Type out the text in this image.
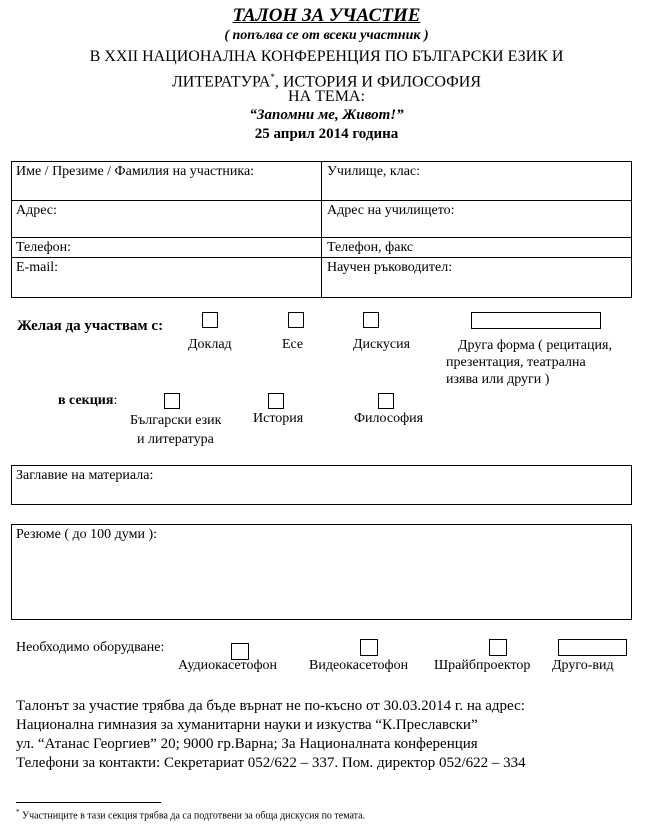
ТАЛОН ЗА УЧАСТИЕ
( попълва се от всеки участник )
В XXII НАЦИОНАЛНА КОНФЕРЕНЦИЯ ПО БЪЛГАРСКИ ЕЗИК И
ЛИТЕРАТУРА*, ИСТОРИЯ И ФИЛОСОФИЯ
НА ТЕМА:
“Запомни ме, Живот!”
25 април 2014 година
Име / Презиме / Фамилия на участника:	Училище, клас:
Адрес:	Адрес на училището:
Телефон:	Телефон, факс
E-mail:	Научен ръководител:
Желая да участвам с:
Доклад	Есе	Дискусия	Друга форма ( рецитация,
презентация, театрална
изява или други )
в секция:
Български език
и литература
История	Философия
Заглавие на материала:
Резюме ( до 100 думи ):
Необходимо оборудване:
Аудиокасетофон Видеокасетофон Шрайбпроектор Друго-вид
Талонът за участие трябва да бъде върнат не по-късно от 30.03.2014 г. на адрес:
Национална гимназия за хуманитарни науки и изкуства “К.Преславски”
ул. “Атанас Георгиев” 20; 9000 гр.Варна; За Националната конференция
Телефони за контакти: Секретариат 052/622 – 337. Пом. директор 052/622 – 334
* Участниците в тази секция трябва да са подготвени за обща дискусия по темата.
